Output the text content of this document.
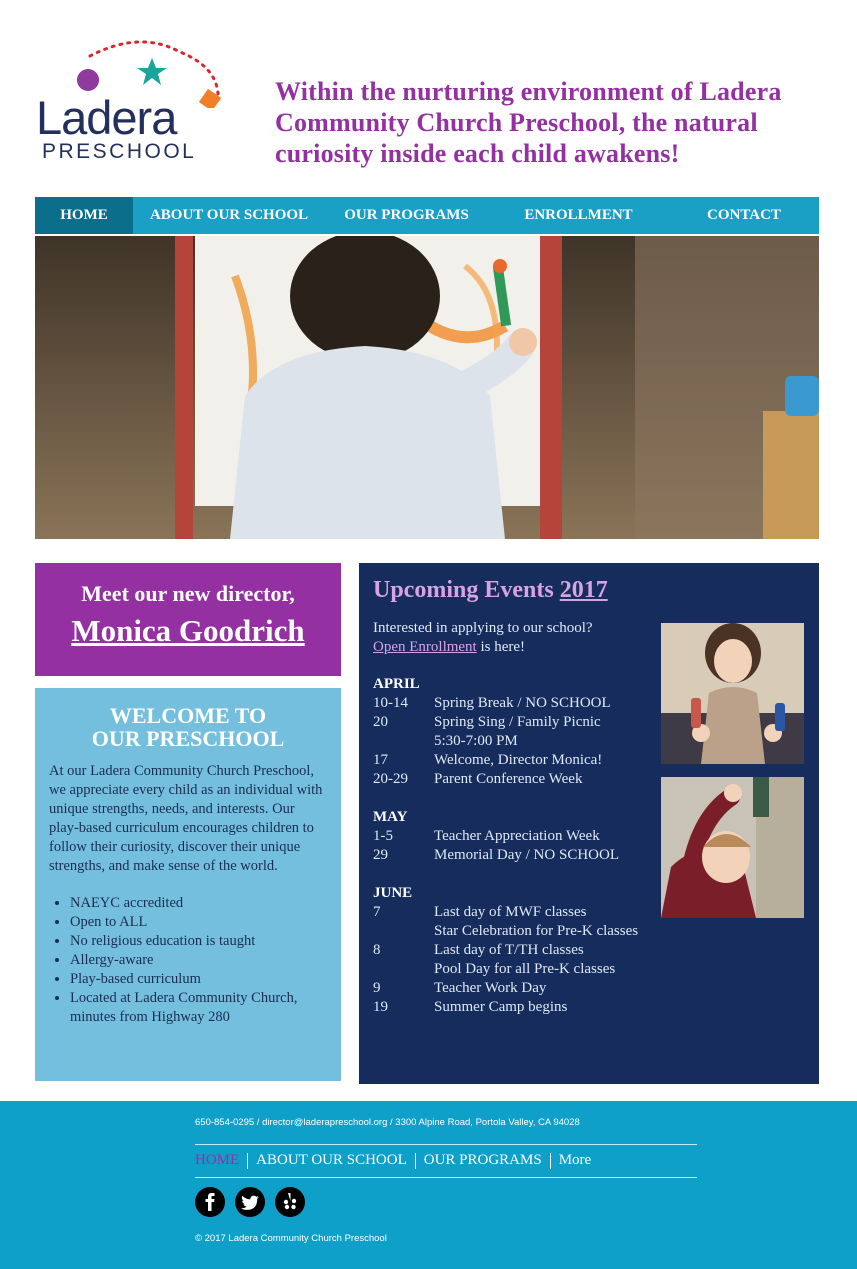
Ladera
PRESCHOOL
Within the nurturing environment of Ladera Community Church Preschool, the natural curiosity inside each child awakens!
HOME	ABOUT OUR SCHOOL	OUR PROGRAMS	ENROLLMENT	CONTACT
Meet our new director,
Monica Goodrich
WELCOME TO
OUR PRESCHOOL
At our Ladera Community Church Preschool, we appreciate every child as an individual with unique strengths, needs, and interests. Our play-based curriculum encourages children to follow their curiosity, discover their unique strengths, and make sense of the world.
• NAEYC accredited
• Open to ALL
• No religious education is taught
• Allergy-aware
• Play-based curriculum
• Located at Ladera Community Church, minutes from Highway 280
Upcoming Events 2017
Interested in applying to our school?
Open Enrollment is here!
APRIL
10-14 Spring Break / NO SCHOOL
20	Spring Sing / Family Picnic
5:30-7:00 PM
17	Welcome, Director Monica!
20-29 Parent Conference Week
MAY
1-5	Teacher Appreciation Week
29	Memorial Day / NO SCHOOL
JUNE
7	Last day of MWF classes
Star Celebration for Pre-K classes
8	Last day of T/TH classes
Pool Day for all Pre-K classes
9	Teacher Work Day
19	Summer Camp begins
650-854-0295 / director@laderapreschool.org / 3300 Alpine Road, Portola Valley, CA 94028
HOME	ABOUT OUR SCHOOL	OUR PROGRAMS	More
© 2017 Ladera Community Church Preschool
